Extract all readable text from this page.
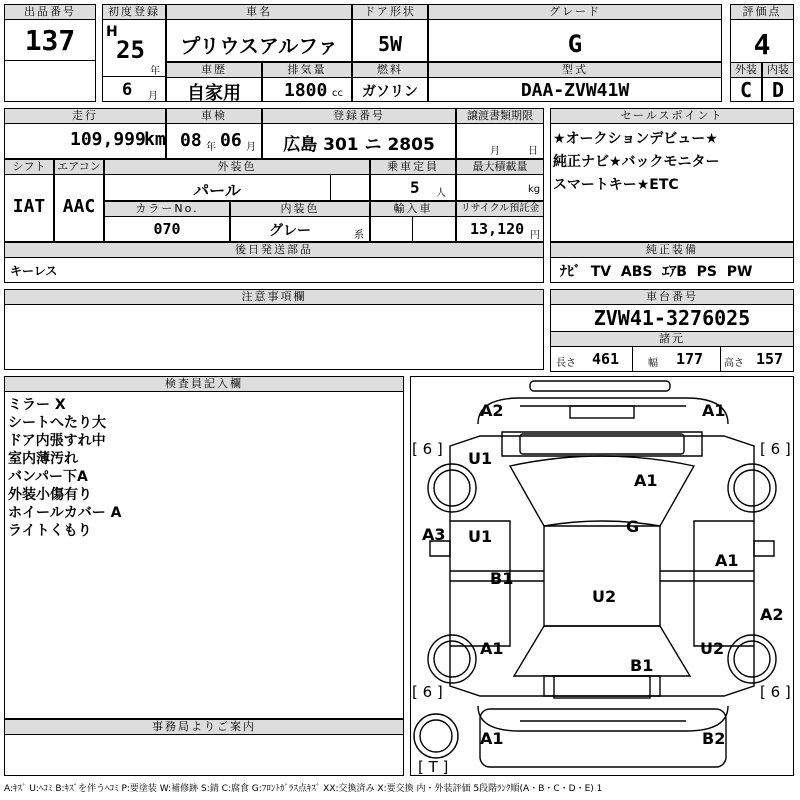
出品番号
137
初度登録
H
25
年
6 月
車名
プリウスアルファ
車歴
自家用
排気量
1800 cc
ドア形状
5W
燃料
ガソリン
グレード
G
型式
DAA-ZVW41W
評価点
4
外装 内装
C D
走行
109,999
km
車検
08 年 06 月
登録番号
広島 301 ニ 2805
譲渡書類期限
月	日
シフト
IAT
エアコン
AAC
外装色
パール
乗車定員
5 人
最大積載量
kg
カラーNo.
070
内装色
グレー	系
輸入車	リサイクル預託金
13,120 円
後日発送部品
キーレス
セールスポイント
★オークションデビュー★
純正ナビ★バックモニター
スマートキー★ETC
純正装備
ﾅﾋﾞ  TV  ABS  ｴｱB  PS  PW
注意事項欄	車台番号
ZVW41-3276025
諸元
長さ 461	幅 177 高さ 157
検査員記入欄
ミラー X
シートへたり大
ドア内張すれ中
室内薄汚れ
バンパー下A
外装小傷有り
ホイールカバー A
ライトくもり
事務局よりご案内
A2	A1
U1
A1
A3 U1
G
A1
B1
U2
A2
A1
B1
U2
A1	B2
[ 6 ]	[ 6 ]
[ 6 ]	[ 6 ]
[ T ]
A:ｷｽﾞ U:ﾍｺﾐ B:ｷｽﾞを伴うﾍｺﾐ P:要塗装 W:補修跡 S:錆 C:腐食 G:ﾌﾛﾝﾄｶﾞﾗｽ点ｷｽﾞ XX:交換済み X:要交換 内・外装評価 5段階ﾗﾝｸ順(A・B・C・D・E) 1
